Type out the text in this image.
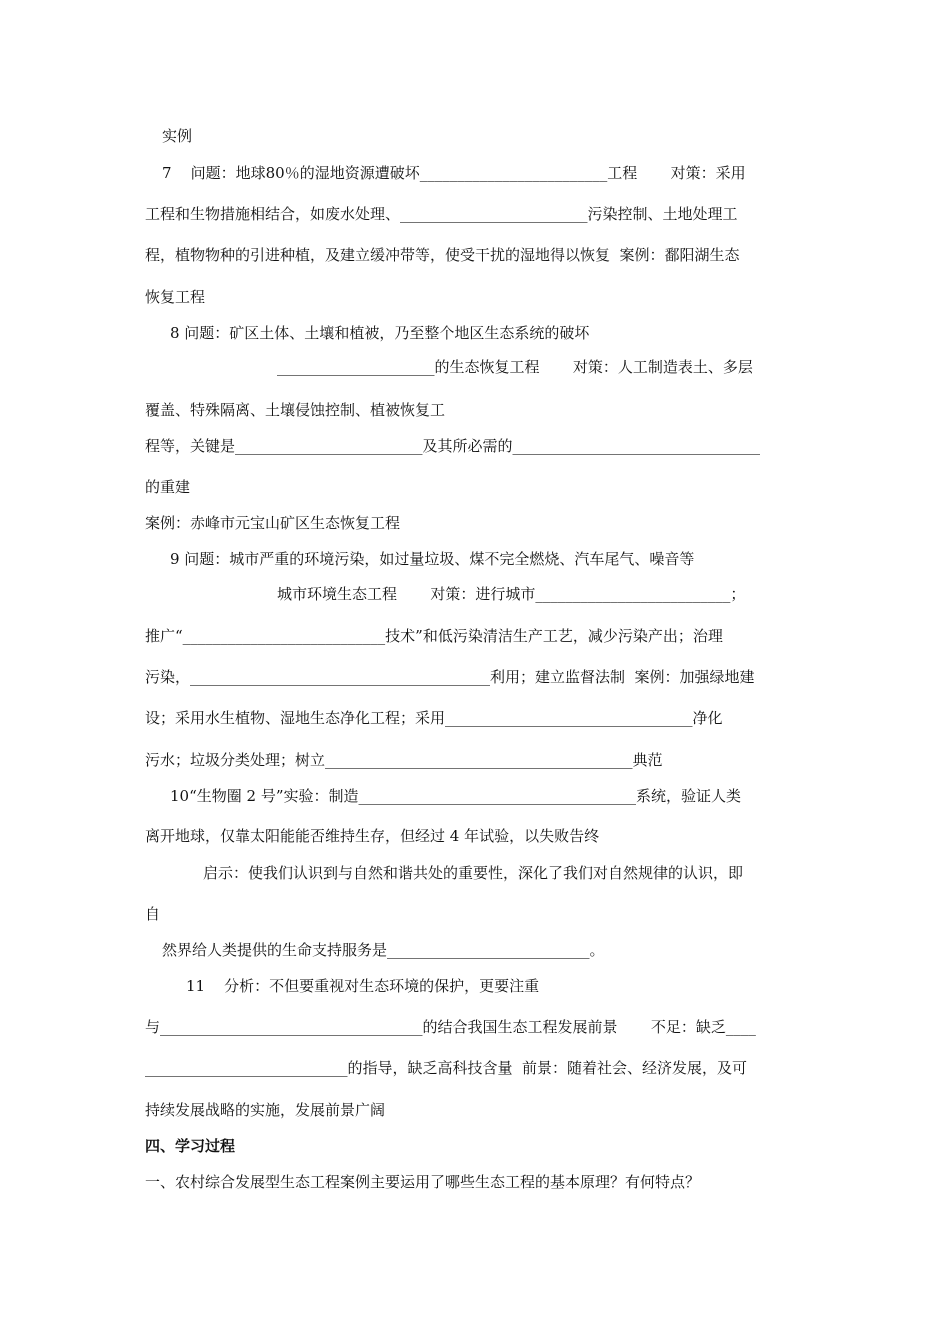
实例
7    问题：地球80％的湿地资源遭破坏_________________________工程       对策：采用
工程和生物措施相结合，如废水处理、_________________________污染控制、土地处理工
程，植物物种的引进种植，及建立缓冲带等，使受干扰的湿地得以恢复  案例：鄱阳湖生态
恢复工程
8 问题：矿区土体、土壤和植被，乃至整个地区生态系统的破坏
_____________________的生态恢复工程       对策：人工制造表土、多层
覆盖、特殊隔离、土壤侵蚀控制、植被恢复工
程等，关键是_________________________及其所必需的_________________________________
的重建
案例：赤峰市元宝山矿区生态恢复工程
9 问题：城市严重的环境污染，如过量垃圾、煤不完全燃烧、汽车尾气、噪音等
城市环境生态工程       对策：进行城市__________________________；
推广“___________________________技术”和低污染清洁生产工艺，减少污染产出；治理
污染，________________________________________利用；建立监督法制  案例：加强绿地建
设；采用水生植物、湿地生态净化工程；采用_________________________________净化
污水；垃圾分类处理；树立_________________________________________典范
10“生物圈 2 号”实验：制造_____________________________________系统，验证人类
离开地球，仅靠太阳能能否维持生存，但经过 4 年试验，以失败告终
启示：使我们认识到与自然和谐共处的重要性，深化了我们对自然规律的认识，即
自
然界给人类提供的生命支持服务是___________________________。
11    分析：不但要重视对生态环境的保护，更要注重
与___________________________________的结合我国生态工程发展前景       不足：缺乏____
___________________________的指导，缺乏高科技含量  前景：随着社会、经济发展，及可
持续发展战略的实施，发展前景广阔
四、学习过程
一、农村综合发展型生态工程案例主要运用了哪些生态工程的基本原理？有何特点？
